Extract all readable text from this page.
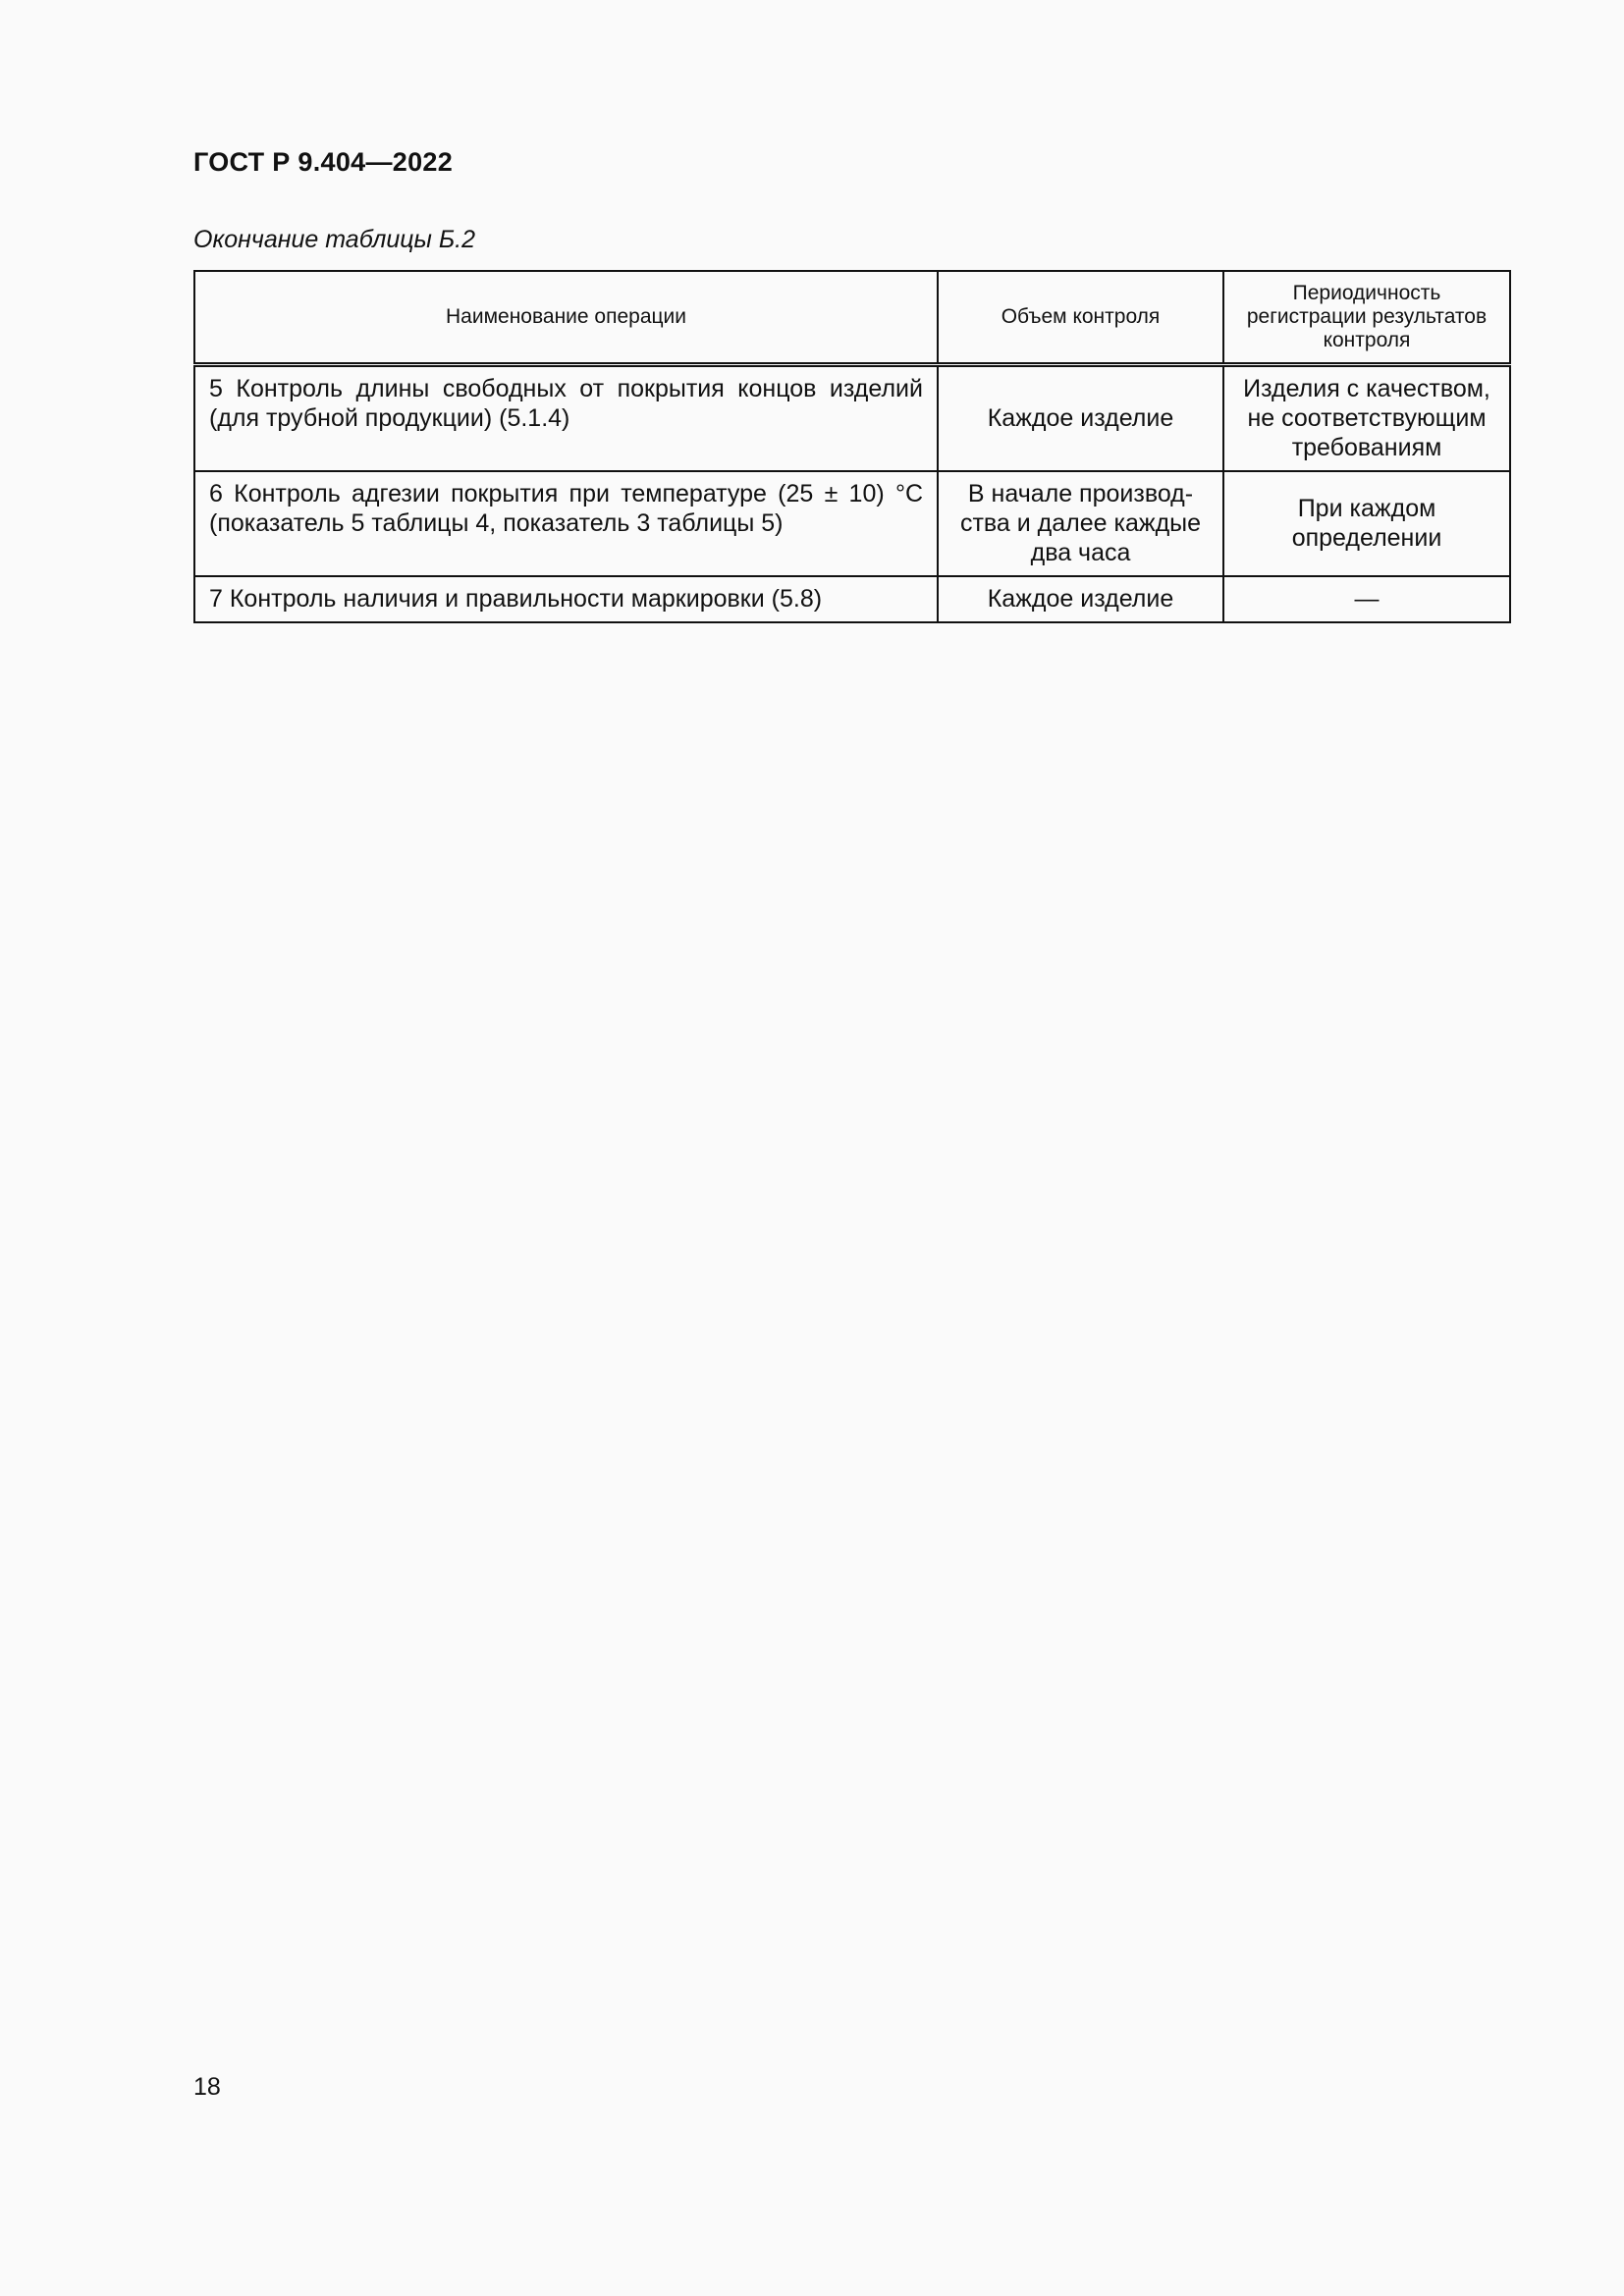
ГОСТ Р 9.404—2022
Окончание таблицы Б.2
Наименование операции	Объем контроля	Периодичность регистрации результатов контроля
5 Контроль длины свободных от покрытия концов изделий (для трубной продукции) (5.1.4)	Каждое изделие	Изделия с качеством, не соответствующим требованиям
6 Контроль адгезии покрытия при температуре (25 ± 10) °С (показатель 5 таблицы 4, показатель 3 таблицы 5)	В начале производ-ства и далее каждые два часа	При каждом определении
7 Контроль наличия и правильности маркировки (5.8)	Каждое изделие	—
18
